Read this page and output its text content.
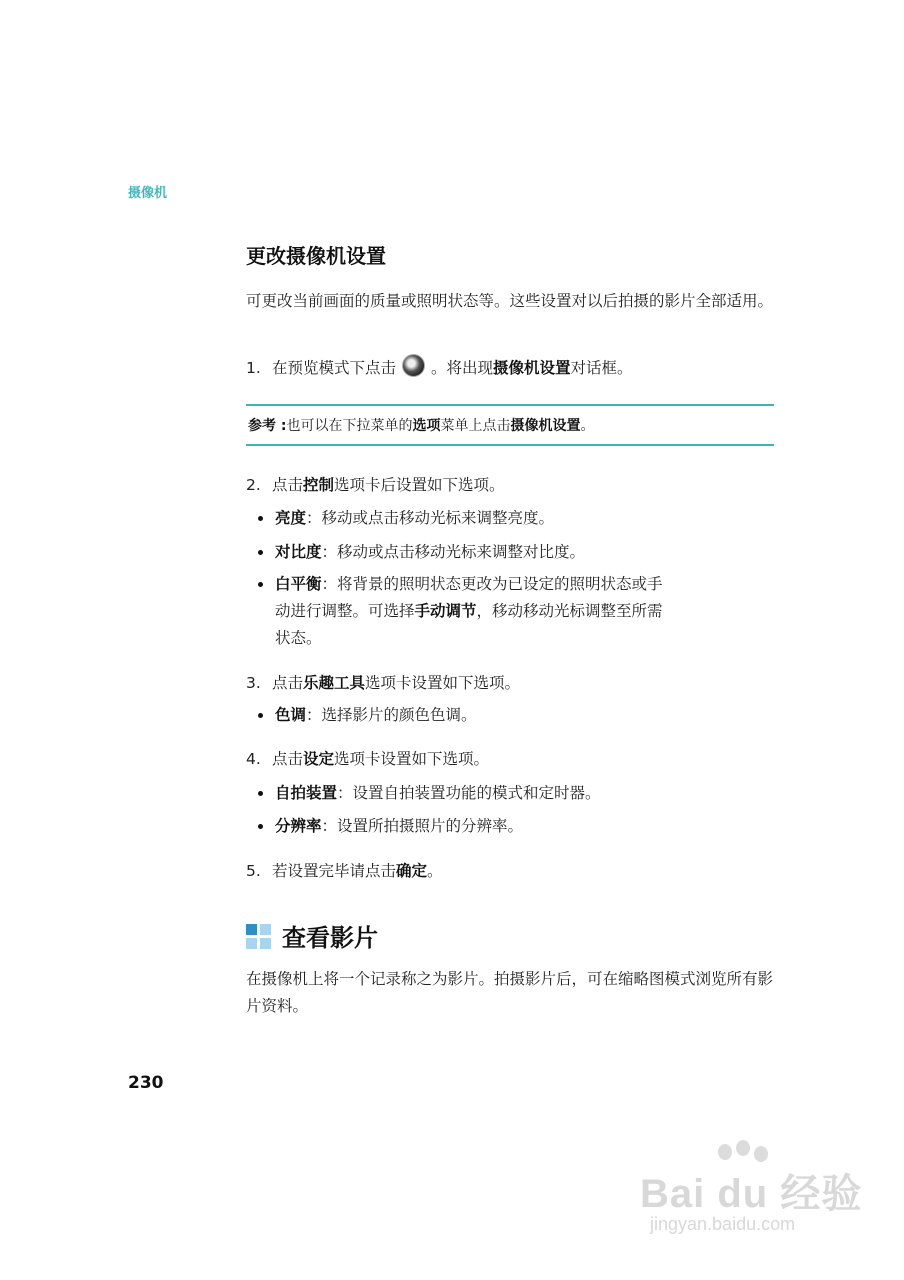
摄像机
更改摄像机设置
可更改当前画面的质量或照明状态等。这些设置对以后拍摄的影片全部适用。
1. 在预览模式下点击 。将出现摄像机设置对话框。
参考 :也可以在下拉菜单的选项菜单上点击摄像机设置。
2. 点击控制选项卡后设置如下选项。
亮度：移动或点击移动光标来调整亮度。
对比度：移动或点击移动光标来调整对比度。
白平衡：将背景的照明状态更改为已设定的照明状态或手
动进行调整。可选择手动调节，移动移动光标调整至所需
状态。
3. 点击乐趣工具选项卡设置如下选项。
色调：选择影片的颜色色调。
4. 点击设定选项卡设置如下选项。
自拍装置：设置自拍装置功能的模式和定时器。
分辨率：设置所拍摄照片的分辨率。
5. 若设置完毕请点击确定。
查看影片
在摄像机上将一个记录称之为影片。拍摄影片后，可在缩略图模式浏览所有影片资料。
230
Bai du 经验
jingyan.baidu.com
